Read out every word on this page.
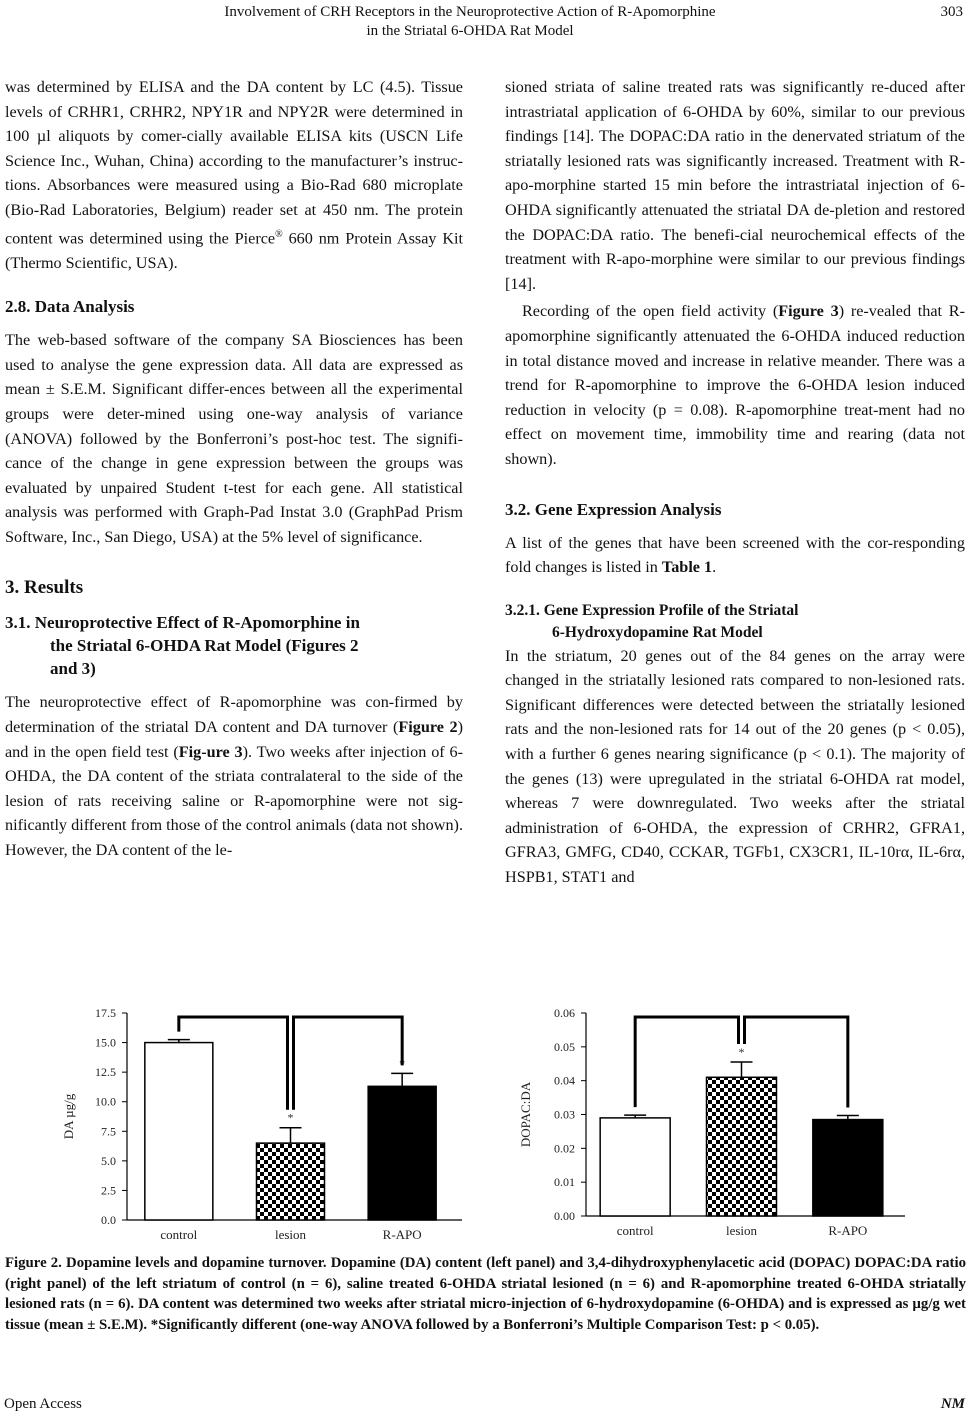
Involvement of CRH Receptors in the Neuroprotective Action of R-Apomorphine
in the Striatal 6-OHDA Rat Model
303

was determined by ELISA and the DA content by LC (4.5). Tissue levels of CRHR1, CRHR2, NPY1R and NPY2R were determined in 100 µl aliquots by comer-cially available ELISA kits (USCN Life Science Inc., Wuhan, China) according to the manufacturer’s instruc-tions. Absorbances were measured using a Bio-Rad 680 microplate (Bio-Rad Laboratories, Belgium) reader set at 450 nm. The protein content was determined using the Pierce® 660 nm Protein Assay Kit (Thermo Scientific, USA).

2.8. Data Analysis

The web-based software of the company SA Biosciences has been used to analyse the gene expression data. All data are expressed as mean ± S.E.M. Significant differ-ences between all the experimental groups were deter-mined using one-way analysis of variance (ANOVA) followed by the Bonferroni’s post-hoc test. The signifi-cance of the change in gene expression between the groups was evaluated by unpaired Student t-test for each gene. All statistical analysis was performed with Graph-Pad Instat 3.0 (GraphPad Prism Software, Inc., San Diego, USA) at the 5% level of significance.

3. Results
3.1. Neuroprotective Effect of R-Apomorphine in
the Striatal 6-OHDA Rat Model (Figures 2
and 3)

The neuroprotective effect of R-apomorphine was con-firmed by determination of the striatal DA content and DA turnover (Figure 2) and in the open field test (Fig-ure 3). Two weeks after injection of 6-OHDA, the DA content of the striata contralateral to the side of the lesion of rats receiving saline or R-apomorphine were not sig-nificantly different from those of the control animals (data not shown). However, the DA content of the le-

sioned striata of saline treated rats was significantly re-duced after intrastriatal application of 6-OHDA by 60%, similar to our previous findings [14]. The DOPAC:DA ratio in the denervated striatum of the striatally lesioned rats was significantly increased. Treatment with R-apo-morphine started 15 min before the intrastriatal injection of 6-OHDA significantly attenuated the striatal DA de-pletion and restored the DOPAC:DA ratio. The benefi-cial neurochemical effects of the treatment with R-apo-morphine were similar to our previous findings [14].

Recording of the open field activity (Figure 3) re-vealed that R-apomorphine significantly attenuated the 6-OHDA induced reduction in total distance moved and increase in relative meander. There was a trend for R-apomorphine to improve the 6-OHDA lesion induced reduction in velocity (p = 0.08). R-apomorphine treat-ment had no effect on movement time, immobility time and rearing (data not shown).

3.2. Gene Expression Analysis

A list of the genes that have been screened with the cor-responding fold changes is listed in Table 1.

3.2.1. Gene Expression Profile of the Striatal
6-Hydroxydopamine Rat Model

In the striatum, 20 genes out of the 84 genes on the array were changed in the striatally lesioned rats compared to non-lesioned rats. Significant differences were detected between the striatally lesioned rats and the non-lesioned rats for 14 out of the 20 genes (p < 0.05), with a further 6 genes nearing significance (p < 0.1). The majority of the genes (13) were upregulated in the striatal 6-OHDA rat model, whereas 7 were downregulated. Two weeks after the striatal administration of 6-OHDA, the expression of CRHR2, GFRA1, GFRA3, GMFG, CD40, CCKAR, TGFb1, CX3CR1, IL-10rα, IL-6rα, HSPB1, STAT1 and

0.0
2.5
5.0
7.5
10.0
12.5
15.0
17.5
DA µg/g
control	lesion
*
R-APO
*
0.00
0.01
0.02
0.03
0.04
0.05
0.06
DOPAC:DA
control	lesion
*
R-APO
Figure 2. Dopamine levels and dopamine turnover. Dopamine (DA) content (left panel) and 3,4-dihydroxyphenylacetic acid (DOPAC) DOPAC:DA ratio (right panel) of the left striatum of control (n = 6), saline treated 6-OHDA striatal lesioned (n = 6) and R-apomorphine treated 6-OHDA striatally lesioned rats (n = 6). DA content was determined two weeks after striatal micro-injection of 6-hydroxydopamine (6-OHDA) and is expressed as µg/g wet tissue (mean ± S.E.M). *Significantly different (one-way ANOVA followed by a Bonferroni’s Multiple Comparison Test: p < 0.05).
Open Access	NM
